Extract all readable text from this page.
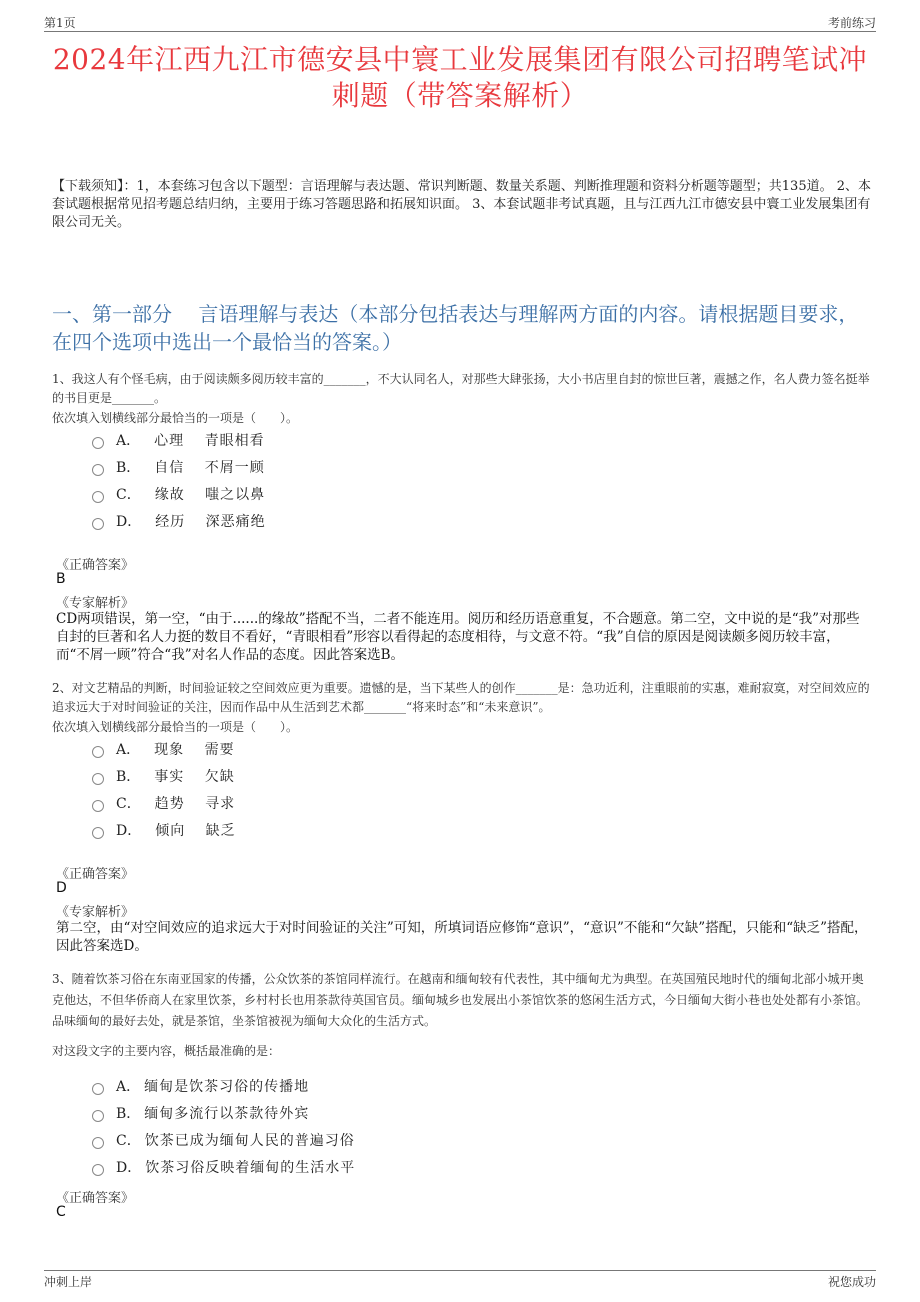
第1页	考前练习
2024年江西九江市德安县中寰工业发展集团有限公司招聘笔试冲刺题（带答案解析）
【下载须知】：1，本套练习包含以下题型：言语理解与表达题、常识判断题、数量关系题、判断推理题和资料分析题等题型；共135道。 2、本套试题根据常见招考题总结归纳，主要用于练习答题思路和拓展知识面。 3、本套试题非考试真题，且与江西九江市德安县中寰工业发展集团有限公司无关。
一、第一部分　 言语理解与表达（本部分包括表达与理解两方面的内容。请根据题目要求，在四个选项中选出一个最恰当的答案。）
1、我这人有个怪毛病，由于阅读颇多阅历较丰富的_______，不大认同名人，对那些大肆张扬，大小书店里自封的惊世巨著，震撼之作，名人费力签名挺举的书目更是_______。
依次填入划横线部分最恰当的一项是（　　）。
A． 心理　 青眼相看
B． 自信　 不屑一顾
C． 缘故　 嗤之以鼻
D． 经历　 深恶痛绝
《正确答案》
B
《专家解析》
CD两项错误，第一空，“由于......的缘故”搭配不当，二者不能连用。阅历和经历语意重复，不合题意。第二空，文中说的是“我”对那些自封的巨著和名人力挺的数目不看好，“青眼相看”形容以看得起的态度相待，与文意不符。“我”自信的原因是阅读颇多阅历较丰富，而“不屑一顾”符合“我”对名人作品的态度。因此答案选B。
2、对文艺精品的判断，时间验证较之空间效应更为重要。遗憾的是，当下某些人的创作_______是：急功近利，注重眼前的实惠，难耐寂寞，对空间效应的追求远大于对时间验证的关注，因而作品中从生活到艺术都_______“将来时态”和“未来意识”。
依次填入划横线部分最恰当的一项是（　　）。
A． 现象　 需要
B． 事实　 欠缺
C． 趋势　 寻求
D． 倾向　 缺乏
《正确答案》
D
《专家解析》
第二空，由“对空间效应的追求远大于对时间验证的关注”可知，所填词语应修饰“意识”，“意识”不能和“欠缺”搭配，只能和“缺乏”搭配，因此答案选D。
3、随着饮茶习俗在东南亚国家的传播，公众饮茶的茶馆同样流行。在越南和缅甸较有代表性，其中缅甸尤为典型。在英国殖民地时代的缅甸北部小城开奥克他达，不但华侨商人在家里饮茶，乡村村长也用茶款待英国官员。缅甸城乡也发展出小茶馆饮茶的悠闲生活方式，今日缅甸大街小巷也处处都有小茶馆。品味缅甸的最好去处，就是茶馆，坐茶馆被视为缅甸大众化的生活方式。
对这段文字的主要内容，概括最准确的是：
A． 缅甸是饮茶习俗的传播地
B． 缅甸多流行以茶款待外宾
C． 饮茶已成为缅甸人民的普遍习俗
D． 饮茶习俗反映着缅甸的生活水平
《正确答案》
C
冲刺上岸	祝您成功
